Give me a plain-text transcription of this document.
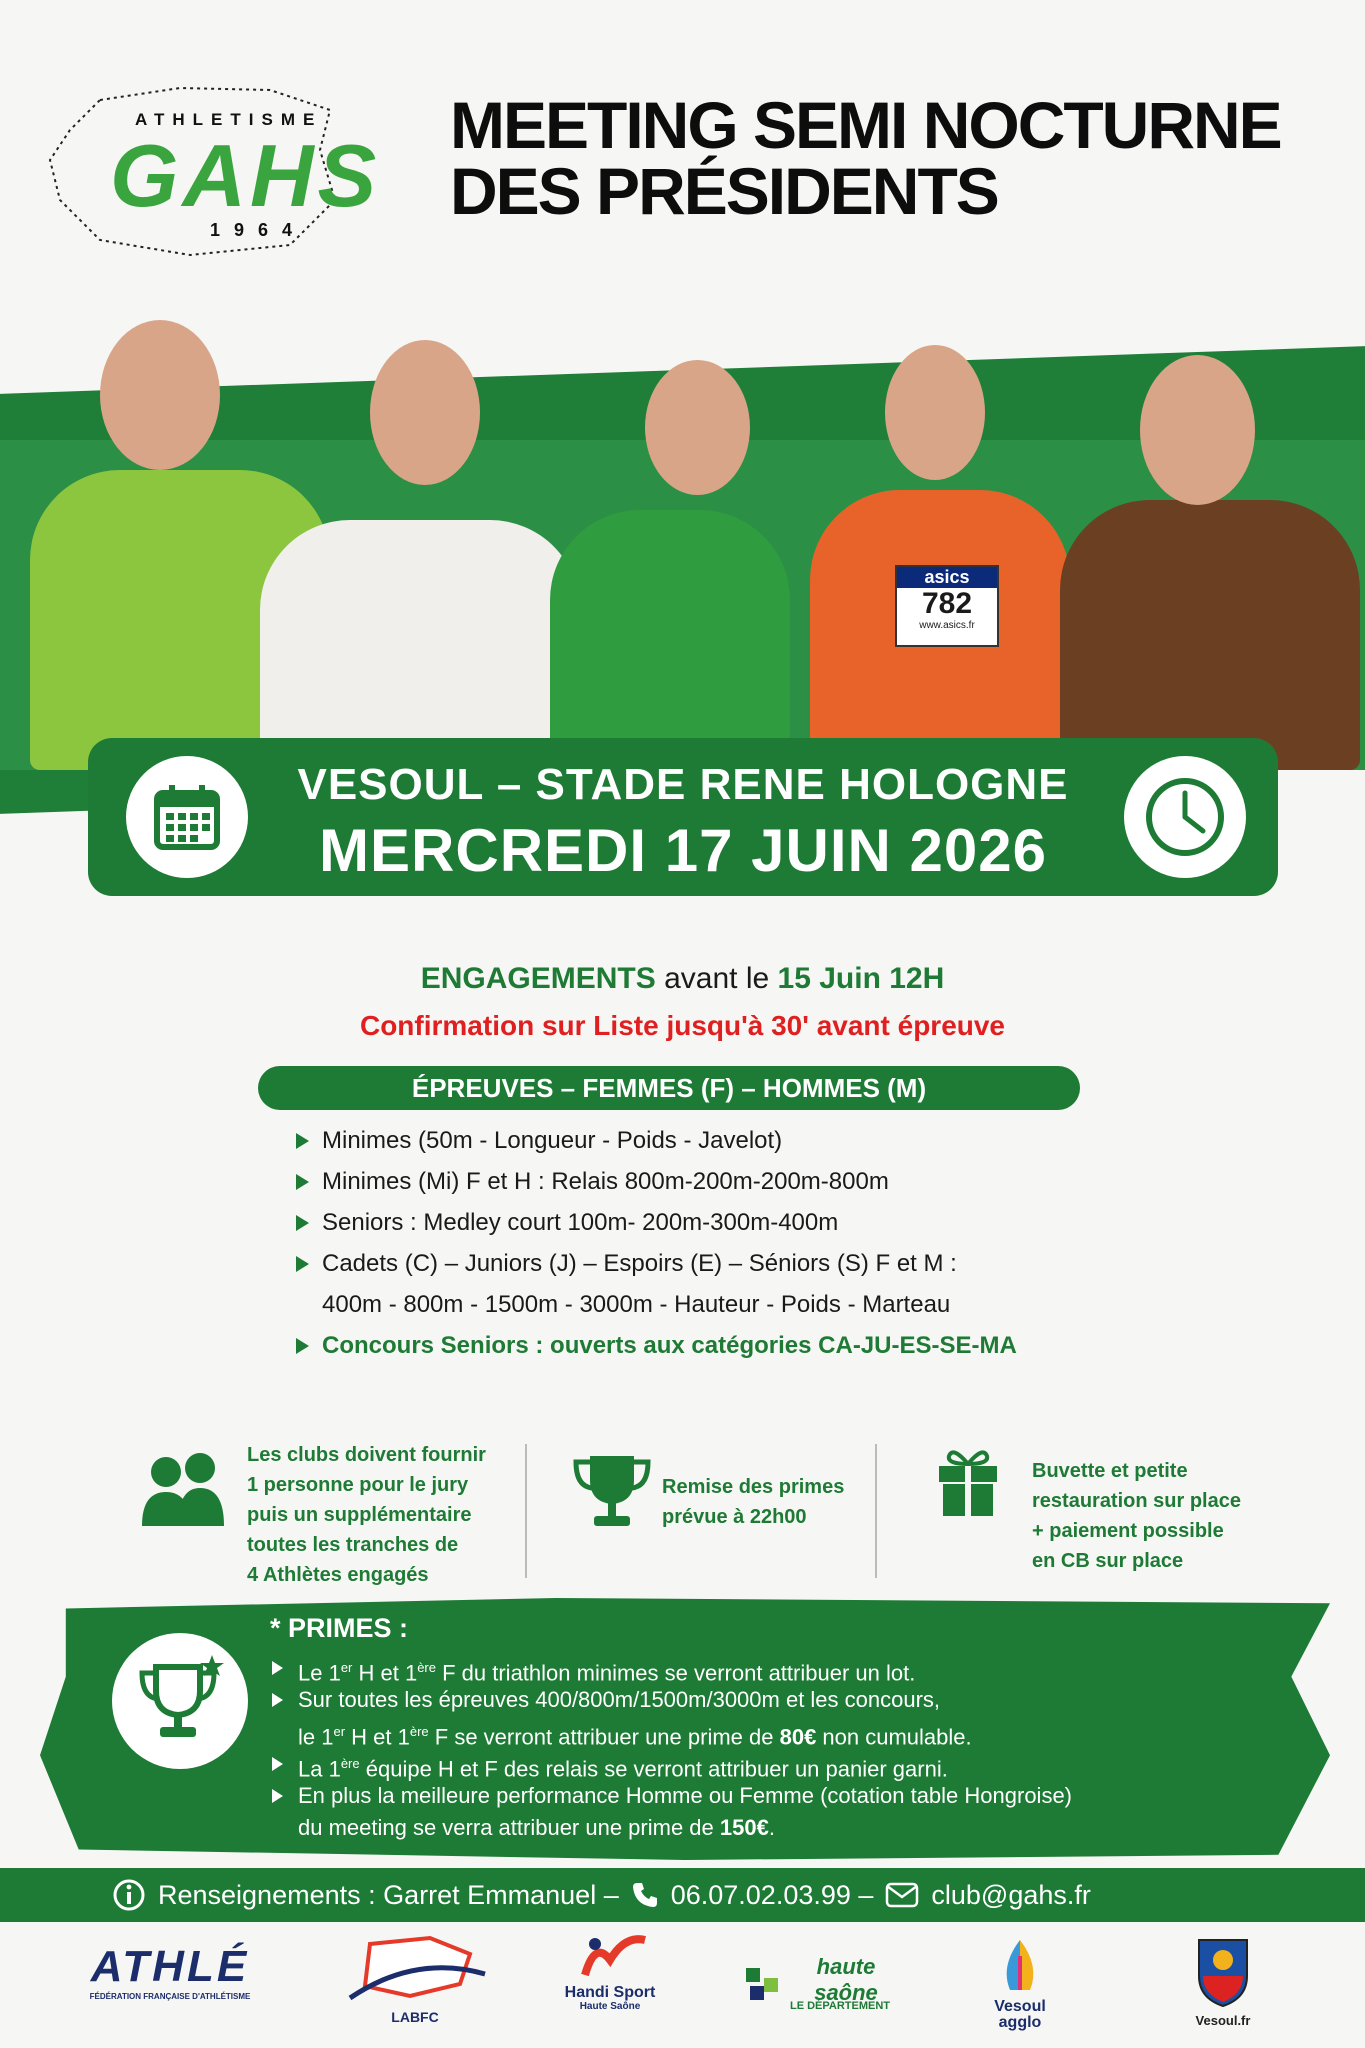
ATHLETISME
GAHS
1964
MEETING SEMI NOCTURNE
DES PRÉSIDENTS
asics
782
www.asics.fr
VESOUL – STADE RENE HOLOGNE
MERCREDI 17 JUIN 2026
ENGAGEMENTS avant le 15 Juin 12H
Confirmation sur Liste jusqu'à 30' avant épreuve
ÉPREUVES – FEMMES (F) – HOMMES (M)
Minimes (50m - Longueur - Poids - Javelot)
Minimes (Mi) F et H : Relais 800m-200m-200m-800m
Seniors : Medley court 100m- 200m-300m-400m
Cadets (C) – Juniors (J) – Espoirs (E) – Séniors (S) F et M :
400m - 800m - 1500m - 3000m - Hauteur - Poids - Marteau
Concours Seniors : ouverts aux catégories CA-JU-ES-SE-MA
Les clubs doivent fournir
1 personne pour le jury
puis un supplémentaire
toutes les tranches de
4 Athlètes engagés
Remise des primes
prévue à 22h00
Buvette et petite
restauration sur place
+ paiement possible
en CB sur place
* PRIMES :
Le 1er H et 1ère F du triathlon minimes se verront attribuer un lot.
Sur toutes les épreuves 400/800m/1500m/3000m et les concours,
le 1er H et 1ère F se verront attribuer une prime de 80€ non cumulable.
La 1ère équipe H et F des relais se verront attribuer un panier garni.
En plus la meilleure performance Homme ou Femme (cotation table Hongroise)
du meeting se verra attribuer une prime de 150€.
Renseignements : Garret Emmanuel – 06.07.02.03.99 – club@gahs.fr
ATHLÉ
FÉDÉRATION FRANÇAISE D'ATHLÉTISME
LABFC
Handi Sport
Haute Saône
haute saône
LE DÉPARTEMENT	Vesoul agglo	Vesoul.fr
